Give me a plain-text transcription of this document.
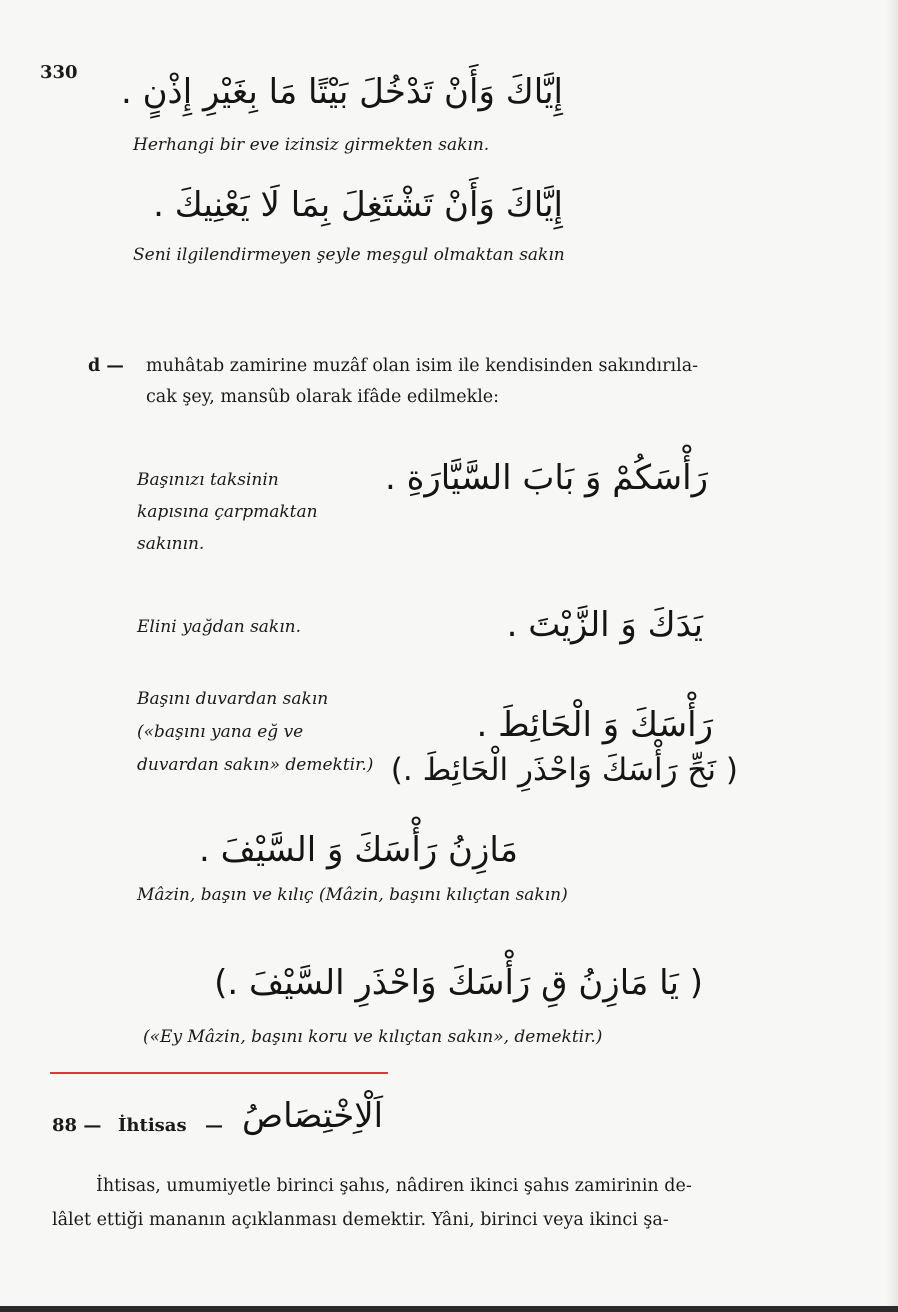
330 إِيَّاكَ وَأَنْ تَدْخُلَ بَيْتًا مَا بِغَيْرِ إِذْنٍ .
Herhangi bir eve izinsiz girmekten sakın.
إِيَّاكَ وَأَنْ تَشْتَغِلَ بِمَا لَا يَعْنِيكَ .
Seni ilgilendirmeyen şeyle meşgul olmaktan sakın
d — muhâtab zamirine muzâf olan isim ile kendisinden sakındırıla-
cak şey, mansûb olarak ifâde edilmekle:
Başınızı taksinin
kapısına çarpmaktan
sakının.
رَأْسَكُمْ وَ بَابَ السَّيَّارَةِ .
Elini yağdan sakın.	يَدَكَ وَ الزَّيْتَ .
Başını duvardan sakın
(«başını yana eğ ve
duvardan sakın» demektir.)
رَأْسَكَ وَ الْحَائِطَ .
( نَحِّ رَأْسَكَ وَاحْذَرِ الْحَائِطَ .)
مَازِنُ رَأْسَكَ وَ السَّيْفَ .
Mâzin, başın ve kılıç (Mâzin, başını kılıçtan sakın)
( يَا مَازِنُ قِ رَأْسَكَ وَاحْذَرِ السَّيْفَ .)
(«Ey Mâzin, başını koru ve kılıçtan sakın», demektir.)
88 — İhtisas — اَلْاِخْتِصَاصُ
İhtisas, umumiyetle birinci şahıs, nâdiren ikinci şahıs zamirinin de-
lâlet ettiği mananın açıklanması demektir. Yâni, birinci veya ikinci şa-
